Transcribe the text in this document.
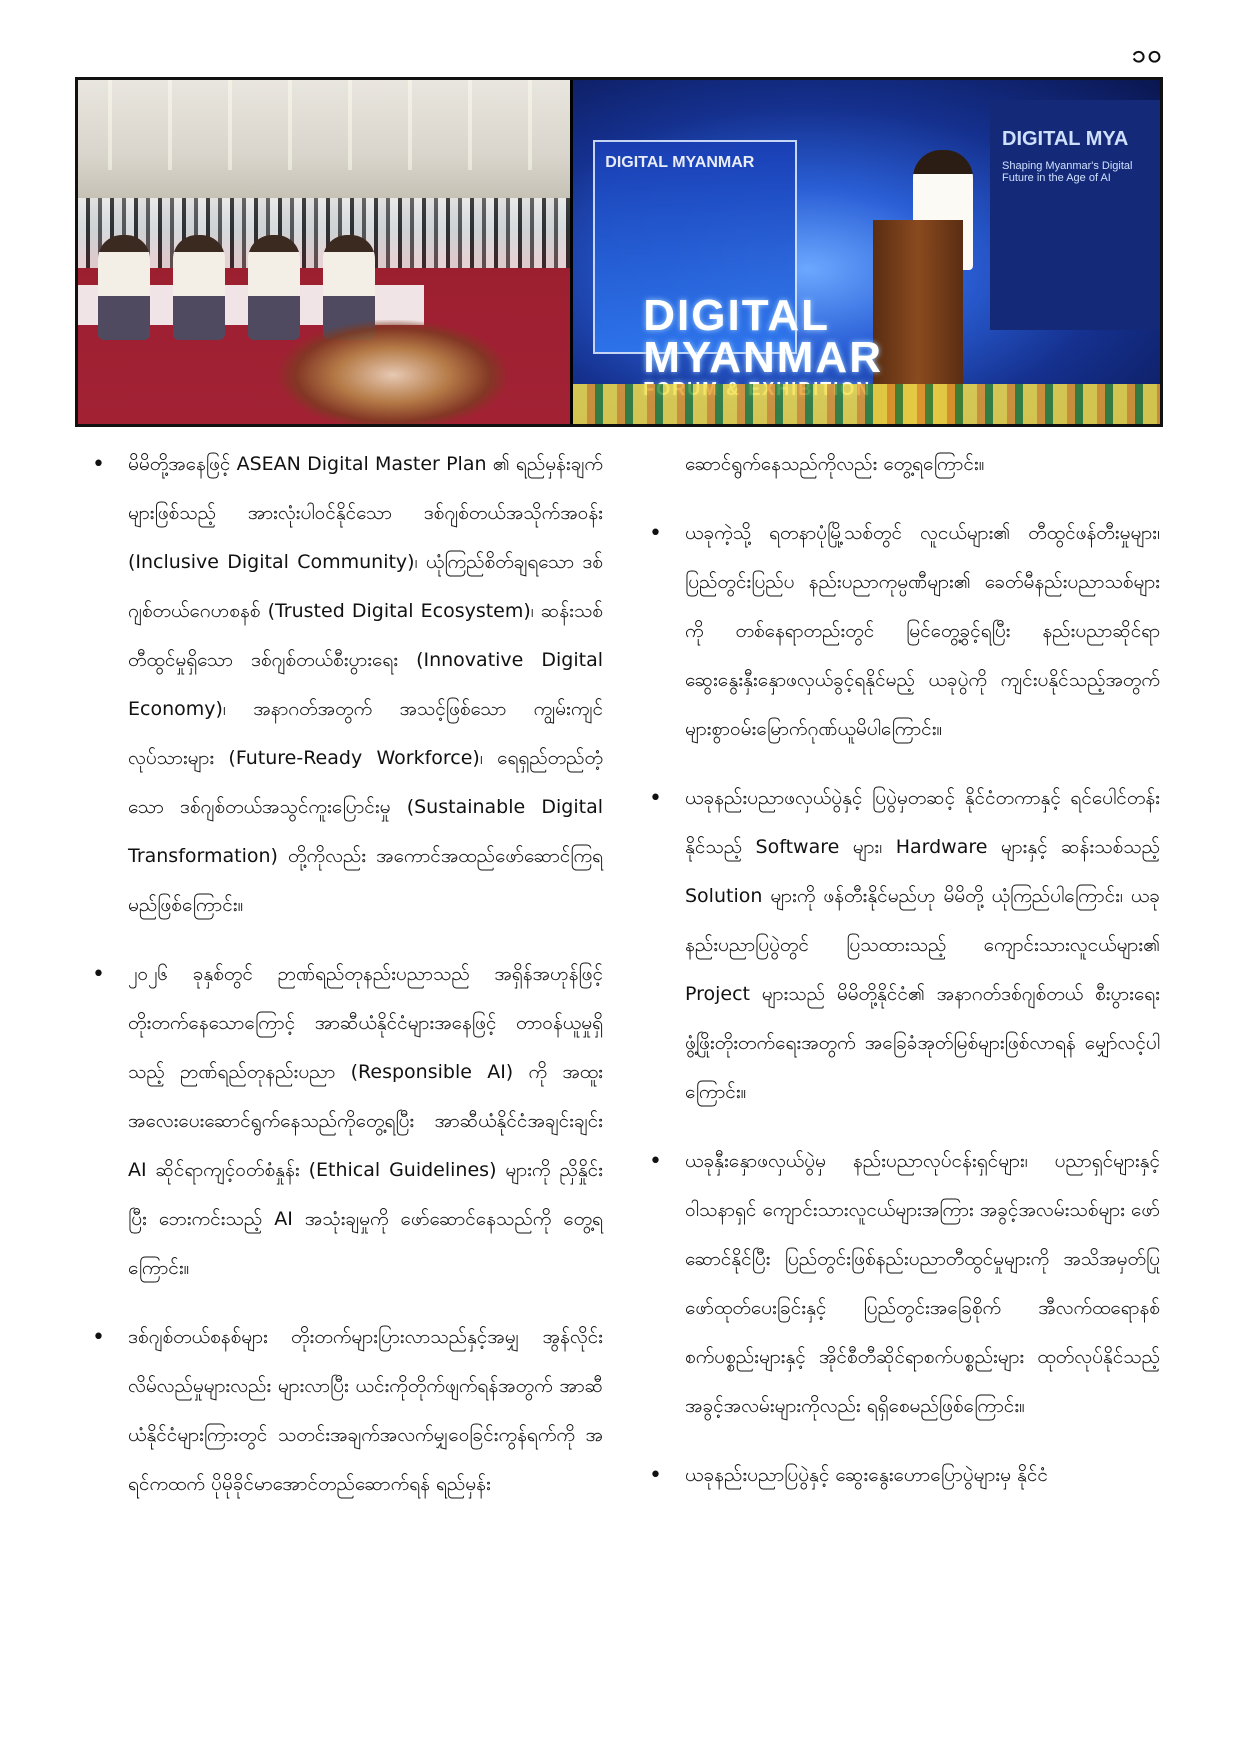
၁၀
DIGITAL MYANMAR
DIGITAL MYA
Shaping Myanmar's Digital Future in the Age of AI
DIGITAL
MYANMAR
• မိမိတို့အနေဖြင့် ASEAN Digital Master Plan ၏ ရည်မှန်းချက်များဖြစ်သည့် အားလုံးပါဝင်နိုင်သော ဒစ်ဂျစ်တယ်အသိုက်အဝန်း (Inclusive Digital Community)၊ ယုံကြည်စိတ်ချရသော ဒစ်ဂျစ်တယ်ဂေဟစနစ် (Trusted Digital Ecosystem)၊ ဆန်းသစ်တီထွင်မှုရှိသော ဒစ်ဂျစ်တယ်စီးပွားရေး (Innovative Digital Economy)၊ အနာဂတ်အတွက် အသင့်ဖြစ်သော ကျွမ်းကျင်လုပ်သားများ (Future-Ready Workforce)၊ ရေရှည်တည်တံ့သော ဒစ်ဂျစ်တယ်အသွင်ကူးပြောင်းမှု (Sustainable Digital Transformation) တို့ကိုလည်း အကောင်အထည်ဖော်ဆောင်ကြရမည်ဖြစ်ကြောင်း။
• ၂၀၂၆ ခုနှစ်တွင် ဉာဏ်ရည်တုနည်းပညာသည် အရှိန်အဟုန်ဖြင့် တိုးတက်နေသောကြောင့် အာဆီယံနိုင်ငံများအနေဖြင့် တာဝန်ယူမှုရှိသည့် ဉာဏ်ရည်တုနည်းပညာ (Responsible AI) ကို အထူးအလေးပေးဆောင်ရွက်နေသည်ကိုတွေ့ရပြီး အာဆီယံနိုင်ငံအချင်းချင်း AI ဆိုင်ရာကျင့်ဝတ်စံနှုန်း (Ethical Guidelines) များကို ညှိနှိုင်းပြီး ဘေးကင်းသည့် AI အသုံးချမှုကို ဖော်ဆောင်နေသည်ကို တွေ့ရကြောင်း။
• ဒစ်ဂျစ်တယ်စနစ်များ တိုးတက်များပြားလာသည်နှင့်အမျှ အွန်လိုင်းလိမ်လည်မှုများလည်း များလာပြီး ယင်းကိုတိုက်ဖျက်ရန်အတွက် အာဆီယံနိုင်ငံများကြားတွင် သတင်းအချက်အလက်မျှဝေခြင်းကွန်ရက်ကို အရင်ကထက် ပိုမိုခိုင်မာအောင်တည်ဆောက်ရန် ရည်မှန်း
ဆောင်ရွက်နေသည်ကိုလည်း တွေ့ရကြောင်း။
• ယခုကဲ့သို့ ရတနာပုံမြို့သစ်တွင် လူငယ်များ၏ တီထွင်ဖန်တီးမှုများ၊ ပြည်တွင်းပြည်ပ နည်းပညာကုမ္ပဏီများ၏ ခေတ်မီနည်းပညာသစ်များကို တစ်နေရာတည်းတွင် မြင်တွေ့ခွင့်ရပြီး နည်းပညာဆိုင်ရာ ဆွေးနွေးနှီးနှောဖလှယ်ခွင့်ရနိုင်မည့် ယခုပွဲကို ကျင်းပနိုင်သည့်အတွက် များစွာဝမ်းမြောက်ဂုဏ်ယူမိပါကြောင်း။
• ယခုနည်းပညာဖလှယ်ပွဲနှင့် ပြပွဲမှတဆင့် နိုင်ငံတကာနှင့် ရင်ပေါင်တန်းနိုင်သည့် Software များ၊ Hardware များနှင့် ဆန်းသစ်သည့် Solution များကို ဖန်တီးနိုင်မည်ဟု မိမိတို့ ယုံကြည်ပါကြောင်း၊ ယခုနည်းပညာပြပွဲတွင် ပြသထားသည့် ကျောင်းသားလူငယ်များ၏ Project များသည် မိမိတို့နိုင်ငံ၏ အနာဂတ်ဒစ်ဂျစ်တယ် စီးပွားရေး ဖွံ့ဖြိုးတိုးတက်ရေးအတွက် အခြေခံအုတ်မြစ်များဖြစ်လာရန် မျှော်လင့်ပါကြောင်း။
• ယခုနှီးနှောဖလှယ်ပွဲမှ နည်းပညာလုပ်ငန်းရှင်များ၊ ပညာရှင်များနှင့် ဝါသနာရှင် ကျောင်းသားလူငယ်များအကြား အခွင့်အလမ်းသစ်များ ဖော်ဆောင်နိုင်ပြီး ပြည်တွင်းဖြစ်နည်းပညာတီထွင်မှုများကို အသိအမှတ်ပြု ဖော်ထုတ်ပေးခြင်းနှင့် ပြည်တွင်းအခြေစိုက် အီလက်ထရောနစ်စက်ပစ္စည်းများနှင့် အိုင်စီတီဆိုင်ရာစက်ပစ္စည်းများ ထုတ်လုပ်နိုင်သည့် အခွင့်အလမ်းများကိုလည်း ရရှိစေမည်ဖြစ်ကြောင်း။
• ယခုနည်းပညာပြပွဲနှင့် ဆွေးနွေးဟောပြောပွဲများမှ နိုင်ငံ
